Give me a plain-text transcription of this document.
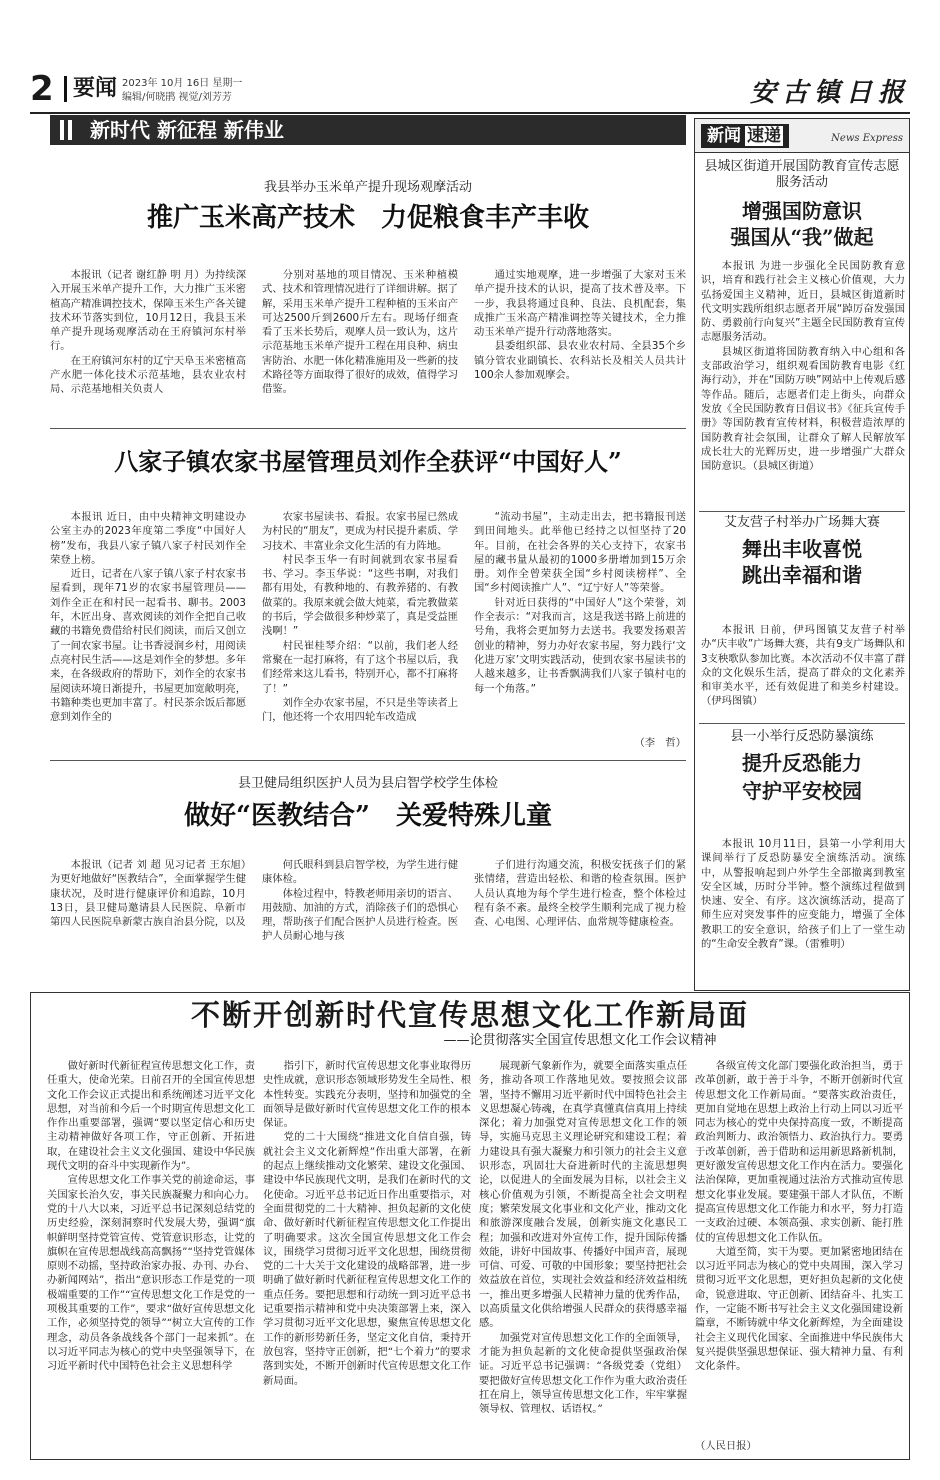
2 要闻 2023年 10月 16日 星期一
编辑/何晓鹃 视觉/刘芳芳	安古镇日报
新时代 新征程 新伟业
我县举办玉米单产提升现场观摩活动
推广玉米高产技术　力促粮食丰产丰收

本报讯（记者 谢红静 明 月）为持续深入开展玉米单产提升工作，大力推广玉米密植高产精准调控技术，保障玉米生产各关键技术环节落实到位，10月12日，我县玉米单产提升现场观摩活动在王府镇河东村举行。

在王府镇河东村的辽宁天阜玉米密植高产水肥一体化技术示范基地，县农业农村局、示范基地相关负责人

分别对基地的项目情况、玉米种植模式、技术和管理情况进行了详细讲解。据了解，采用玉米单产提升工程种植的玉米亩产可达2500斤到2600斤左右。现场仔细查看了玉米长势后，观摩人员一致认为，这片示范基地玉米单产提升工程在用良种、病虫害防治、水肥一体化精准施用及一些新的技术路径等方面取得了很好的成效，值得学习借鉴。

通过实地观摩，进一步增强了大家对玉米单产提升技术的认识，提高了技术普及率。下一步，我县将通过良种、良法、良机配套，集成推广玉米高产精准调控等关键技术，全力推动玉米单产提升行动落地落实。

县委组织部、县农业农村局、全县35个乡镇分管农业副镇长、农科站长及相关人员共计100余人参加观摩会。

八家子镇农家书屋管理员刘作全获评“中国好人”

本报讯 近日，由中央精神文明建设办公室主办的2023年度第二季度“中国好人榜”发布，我县八家子镇八家子村民刘作全荣登上榜。

近日，记者在八家子镇八家子村农家书屋看到，现年71岁的农家书屋管理员——刘作全正在和村民一起看书、聊书。2003年，木匠出身、喜欢阅读的刘作全把自己收藏的书籍免费借给村民们阅读，而后又创立了一间农家书屋。让书香浸润乡村，用阅读点亮村民生活——这是刘作全的梦想。多年来，在各级政府的帮助下，刘作全的农家书屋阅读环境日渐提升，书屋更加宽敞明亮，书籍种类也更加丰富了。村民茶余饭后都愿意到刘作全的

农家书屋读书、看报。农家书屋已然成为村民的“朋友”，更成为村民提升素质、学习技术、丰富业余文化生活的有力阵地。

村民李玉华一有时间就到农家书屋看书、学习。李玉华说：“这些书啊，对我们都有用处，有教种地的、有教养猪的、有教做菜的。我原来就会做大炖菜，看完教做菜的书后，学会做很多种炒菜了，真是受益匪浅啊！”

村民崔桂琴介绍：“以前，我们老人经常聚在一起打麻将，有了这个书屋以后，我们经常来这儿看书，特别开心，都不打麻将了！”

刘作全办农家书屋，不只是坐等读者上门，他还将一个农用四轮车改造成

“流动书屋”，主动走出去，把书籍报刊送到田间地头。此举他已经持之以恒坚持了20年。目前，在社会各界的关心支持下，农家书屋的藏书量从最初的1000多册增加到15万余册。刘作全曾荣获全国“乡村阅读榜样”、全国“乡村阅读推广人”、“辽宁好人”等荣誉。

针对近日获得的“中国好人”这个荣誉，刘作全表示：“对我而言，这是我送书路上前进的号角，我将会更加努力去送书。我要发扬艰苦创业的精神，努力办好农家书屋，努力践行‘文化进万家’文明实践活动，使到农家书屋读书的人越来越多，让书香飘满我们八家子镇村屯的每一个角落。”

（李　哲）
县卫健局组织医护人员为县启智学校学生体检
做好“医教结合”　关爱特殊儿童

本报讯（记者 刘 超 见习记者 王东旭）为更好地做好“医教结合”，全面掌握学生健康状况，及时进行健康评价和追踪，10月13日，县卫健局邀请县人民医院、阜新市第四人民医院阜新蒙古族自治县分院，以及

何氏眼科到县启智学校，为学生进行健康体检。

体检过程中，特教老师用亲切的语言、用鼓励、加油的方式，消除孩子们的恐惧心理，帮助孩子们配合医护人员进行检查。医护人员耐心地与孩

子们进行沟通交流，积极安抚孩子们的紧张情绪，营造出轻松、和谐的检查氛围。医护人员认真地为每个学生进行检查，整个体检过程有条不紊。最终全校学生顺利完成了视力检查、心电图、心理评估、血常规等健康检查。

新闻 速递	News Express
县城区街道开展国防教育宣传志愿服务活动
增强国防意识
强国从“我”做起

本报讯 为进一步强化全民国防教育意识，培育和践行社会主义核心价值观，大力弘扬爱国主义精神，近日，县城区街道新时代文明实践所组织志愿者开展“踔厉奋发强国防、勇毅前行向复兴”主题全民国防教育宣传志愿服务活动。

县城区街道将国防教育纳入中心组和各支部政治学习，组织观看国防教育电影《红海行动》，并在“国防万映”网站中上传观后感等作品。随后，志愿者们走上街头，向群众发放《全民国防教育日倡议书》《征兵宣传手册》等国防教育宣传材料，积极营造浓厚的国防教育社会氛围，让群众了解人民解放军成长壮大的光辉历史，进一步增强广大群众国防意识。（县城区街道）

艾友营子村举办广场舞大赛
舞出丰收喜悦
跳出幸福和谐

本报讯 日前，伊玛图镇艾友营子村举办“庆丰收”广场舞大赛，共有9支广场舞队和3支秧歌队参加比赛。本次活动不仅丰富了群众的文化娱乐生活，提高了群众的文化素养和审美水平，还有效促进了和美乡村建设。（伊玛图镇）

县一小举行反恐防暴演练
提升反恐能力
守护平安校园

本报讯 10月11日，县第一小学利用大课间举行了反恐防暴安全演练活动。演练中，从警报响起到户外学生全部撤离到教室安全区域，历时分半钟。整个演练过程做到快速、安全、有序。这次演练活动，提高了师生应对突发事件的应变能力，增强了全体教职工的安全意识，给孩子们上了一堂生动的“生命安全教育”课。（雷雅明）

不断开创新时代宣传思想文化工作新局面
——论贯彻落实全国宣传思想文化工作会议精神

做好新时代新征程宣传思想文化工作，责任重大，使命光荣。日前召开的全国宣传思想文化工作会议正式提出和系统阐述习近平文化思想，对当前和今后一个时期宣传思想文化工作作出重要部署，强调“要以坚定信心和历史主动精神做好各项工作，守正创新、开拓进取，在建设社会主义文化强国、建设中华民族现代文明的奋斗中实现新作为”。

宣传思想文化工作事关党的前途命运，事关国家长治久安，事关民族凝聚力和向心力。党的十八大以来，习近平总书记深刻总结党的历史经验，深刻洞察时代发展大势，强调“旗帜鲜明坚持党管宣传、党管意识形态，让党的旗帜在宣传思想战线高高飘扬”“坚持党管媒体原则不动摇，坚持政治家办报、办刊、办台、办新闻网站”，指出“意识形态工作是党的一项极端重要的工作”“宣传思想文化工作是党的一项极其重要的工作”，要求“做好宣传思想文化工作，必须坚持党的领导”“树立大宣传的工作理念，动员各条战线各个部门一起来抓”。在以习近平同志为核心的党中央坚强领导下，在习近平新时代中国特色社会主义思想科学

指引下，新时代宣传思想文化事业取得历史性成就，意识形态领域形势发生全局性、根本性转变。实践充分表明，坚持和加强党的全面领导是做好新时代宣传思想文化工作的根本保证。

党的二十大围绕“推进文化自信自强，铸就社会主义文化新辉煌”作出重大部署，在新的起点上继续推动文化繁荣、建设文化强国、建设中华民族现代文明，是我们在新时代的文化使命。习近平总书记近日作出重要指示，对全面贯彻党的二十大精神、担负起新的文化使命、做好新时代新征程宣传思想文化工作提出了明确要求。这次全国宣传思想文化工作会议，围绕学习贯彻习近平文化思想，围绕贯彻党的二十大关于文化建设的战略部署，进一步明确了做好新时代新征程宣传思想文化工作的重点任务。要把思想和行动统一到习近平总书记重要指示精神和党中央决策部署上来，深入学习贯彻习近平文化思想，聚焦宣传思想文化工作的新形势新任务，坚定文化自信，秉持开放包容，坚持守正创新，把“七个着力”的要求落到实处，不断开创新时代宣传思想文化工作新局面。

展现新气象新作为，就要全面落实重点任务，推动各项工作落地见效。要按照会议部署，坚持不懈用习近平新时代中国特色社会主义思想凝心铸魂，在真学真懂真信真用上持续深化；着力加强党对宣传思想文化工作的领导，实施马克思主义理论研究和建设工程；着力建设具有强大凝聚力和引领力的社会主义意识形态，巩固壮大奋进新时代的主流思想舆论，以促进人的全面发展为目标，以社会主义核心价值观为引领，不断提高全社会文明程度；繁荣发展文化事业和文化产业，推动文化和旅游深度融合发展，创新实施文化惠民工程；加强和改进对外宣传工作，提升国际传播效能，讲好中国故事、传播好中国声音，展现可信、可爱、可敬的中国形象；要坚持把社会效益放在首位，实现社会效益和经济效益相统一，推出更多增强人民精神力量的优秀作品，以高质量文化供给增强人民群众的获得感幸福感。

加强党对宣传思想文化工作的全面领导，才能为担负起新的文化使命提供坚强政治保证。习近平总书记强调：“各级党委（党组）要把做好宣传思想文化工作作为重大政治责任扛在肩上，领导宣传思想文化工作，牢牢掌握领导权、管理权、话语权。”

各级宣传文化部门要强化政治担当，勇于改革创新，敢于善于斗争，不断开创新时代宣传思想文化工作新局面。“要落实政治责任，更加自觉地在思想上政治上行动上同以习近平同志为核心的党中央保持高度一致，不断提高政治判断力、政治领悟力、政治执行力。要勇于改革创新，善于借助和运用新思路新机制，更好激发宣传思想文化工作内在活力。要强化法治保障，更加重视通过法治方式推动宣传思想文化事业发展。要建强干部人才队伍，不断提高宣传思想文化工作能力和水平，努力打造一支政治过硬、本领高强、求实创新、能打胜仗的宣传思想文化工作队伍。

大道至简，实干为要。更加紧密地团结在以习近平同志为核心的党中央周围，深入学习贯彻习近平文化思想，更好担负起新的文化使命，锐意进取、守正创新、团结奋斗、扎实工作，一定能不断书写社会主义文化强国建设新篇章，不断铸就中华文化新辉煌，为全面建设社会主义现代化国家、全面推进中华民族伟大复兴提供坚强思想保证、强大精神力量、有利文化条件。

（人民日报）
